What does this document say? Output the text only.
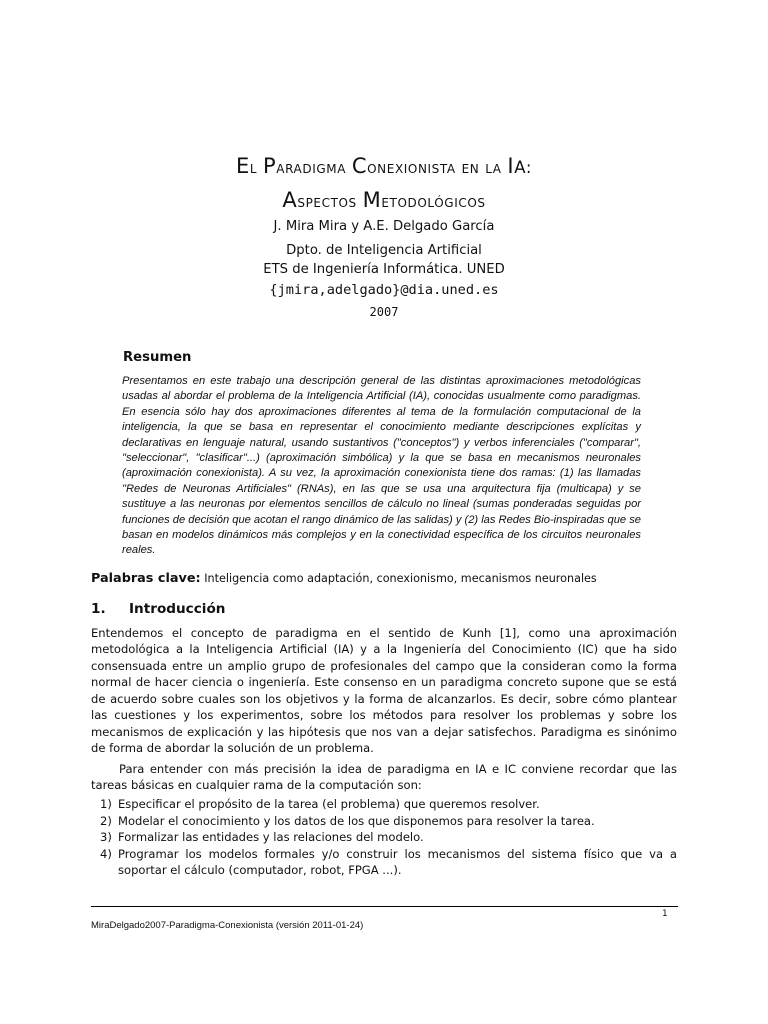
El Paradigma Conexionista en la IA:
Aspectos Metodológicos
J. Mira Mira y A.E. Delgado García
Dpto. de Inteligencia Artificial
ETS de Ingeniería Informática. UNED
{jmira,adelgado}@dia.uned.es
2007
Resumen
Presentamos en este trabajo una descripción general de las distintas aproximaciones metodológicas usadas al abordar el problema de la Inteligencia Artificial (IA), conocidas usualmente como paradigmas. En esencia sólo hay dos aproximaciones diferentes al tema de la formulación computacional de la inteligencia, la que se basa en representar el conocimiento mediante descripciones explícitas y declarativas en lenguaje natural, usando sustantivos ("conceptos") y verbos inferenciales ("comparar", "seleccionar", "clasificar"...) (aproximación simbólica) y la que se basa en mecanismos neuronales (aproximación conexionista). A su vez, la aproximación conexionista tiene dos ramas: (1) las llamadas "Redes de Neuronas Artificiales" (RNAs), en las que se usa una arquitectura fija (multicapa) y se sustituye a las neuronas por elementos sencillos de cálculo no lineal (sumas ponderadas seguidas por funciones de decisión que acotan el rango dinámico de las salidas) y (2) las Redes Bio-inspiradas que se basan en modelos dinámicos más complejos y en la conectividad específica de los circuitos neuronales reales.
Palabras clave: Inteligencia como adaptación, conexionismo, mecanismos neuronales
1. Introducción
Entendemos el concepto de paradigma en el sentido de Kunh [1], como una aproximación metodológica a la Inteligencia Artificial (IA) y a la Ingeniería del Conocimiento (IC) que ha sido consensuada entre un amplio grupo de profesionales del campo que la consideran como la forma normal de hacer ciencia o ingeniería. Este consenso en un paradigma concreto supone que se está de acuerdo sobre cuales son los objetivos y la forma de alcanzarlos. Es decir, sobre cómo plantear las cuestiones y los experimentos, sobre los métodos para resolver los problemas y sobre los mecanismos de explicación y las hipótesis que nos van a dejar satisfechos. Paradigma es sinónimo de forma de abordar la solución de un problema.
Para entender con más precisión la idea de paradigma en IA e IC conviene recordar que las tareas básicas en cualquier rama de la computación son:
1) Especificar el propósito de la tarea (el problema) que queremos resolver.
2) Modelar el conocimiento y los datos de los que disponemos para resolver la tarea.
3) Formalizar las entidades y las relaciones del modelo.
4) Programar los modelos formales y/o construir los mecanismos del sistema físico que va a soportar el cálculo (computador, robot, FPGA ...).
1
MiraDelgado2007-Paradigma-Conexionista (versión 2011-01-24)
